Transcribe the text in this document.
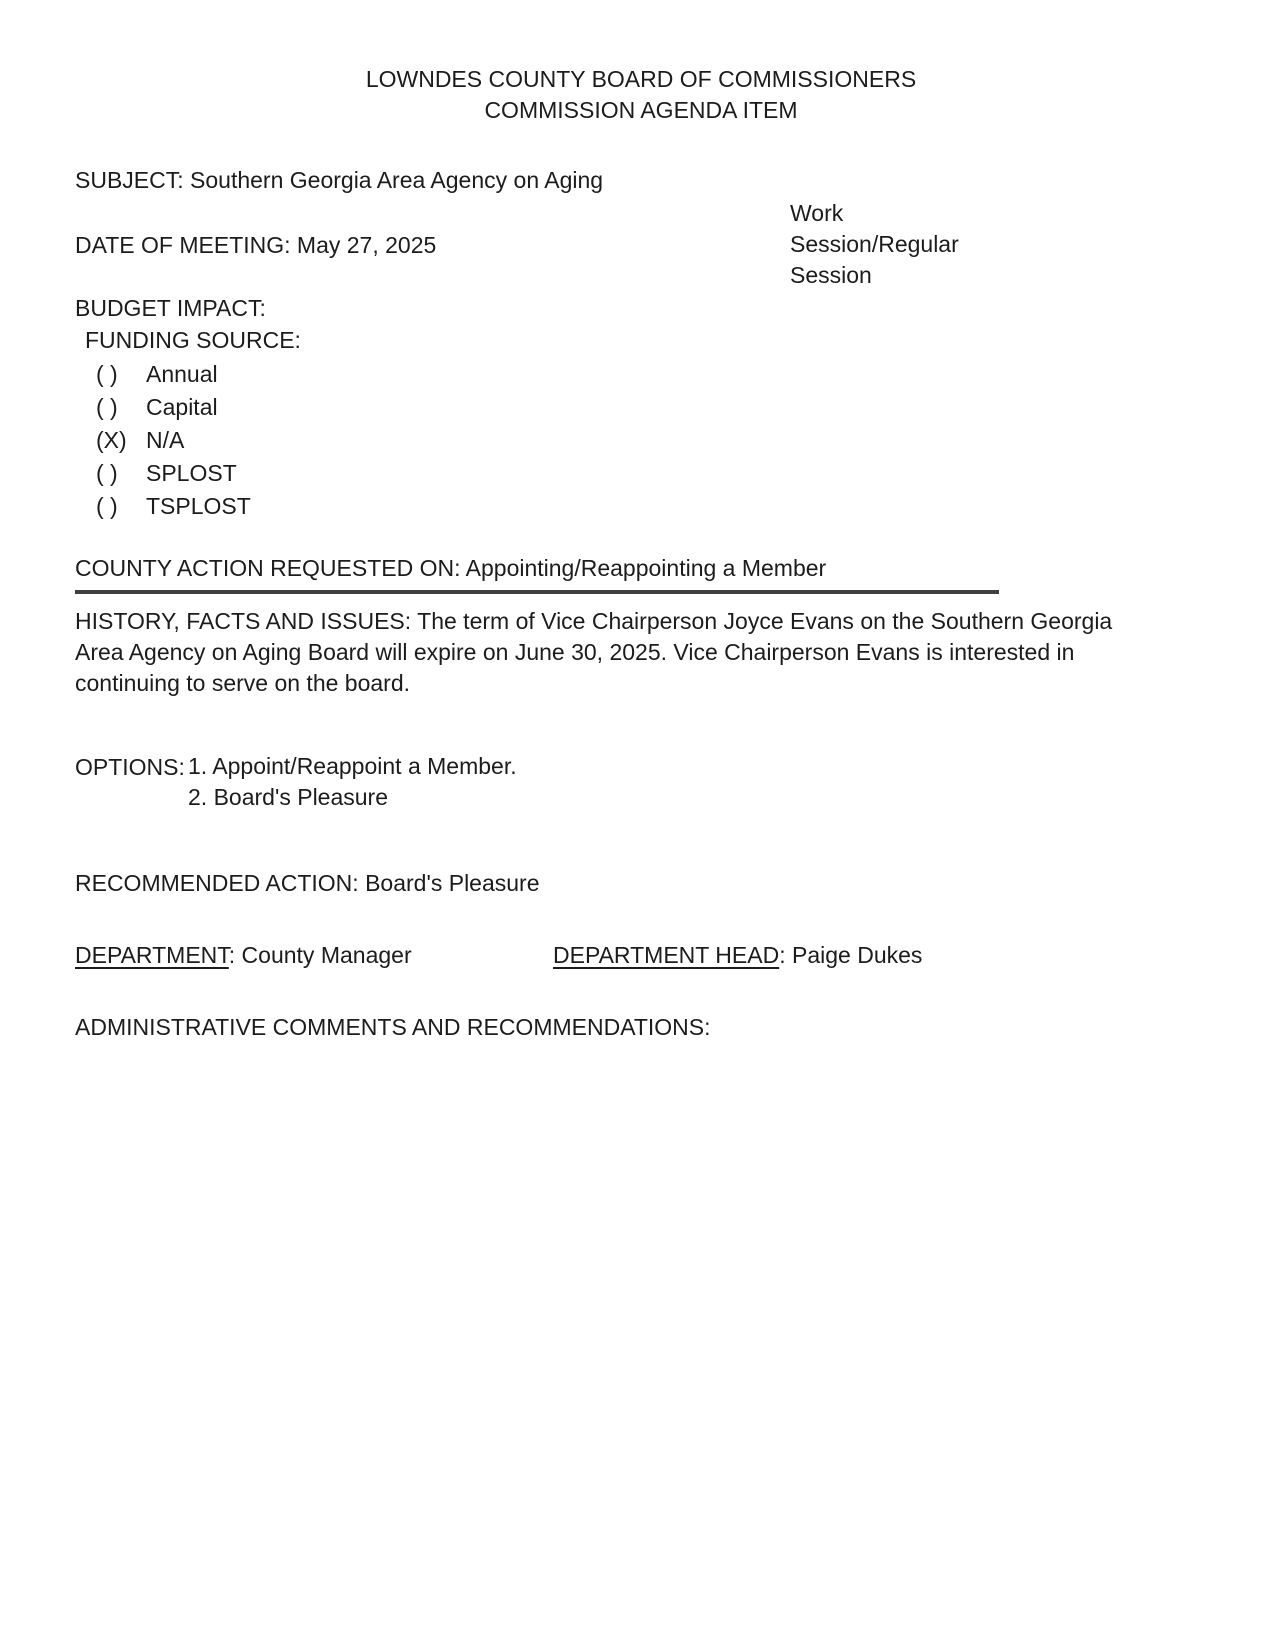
LOWNDES COUNTY BOARD OF COMMISSIONERS
COMMISSION AGENDA ITEM
SUBJECT: Southern Georgia Area Agency on Aging
DATE OF MEETING: May 27, 2025
Work
Session/Regular
Session
BUDGET IMPACT:
FUNDING SOURCE:
( )	Annual
( )	Capital
(X) N/A
( )	SPLOST
( )	TSPLOST
COUNTY ACTION REQUESTED ON: Appointing/Reappointing a Member

HISTORY, FACTS AND ISSUES: The term of Vice Chairperson Joyce Evans on the Southern Georgia Area Agency on Aging Board will expire on June 30, 2025. Vice Chairperson Evans is interested in continuing to serve on the board.

OPTIONS: 1. Appoint/Reappoint a Member.
2. Board's Pleasure
RECOMMENDED ACTION: Board's Pleasure
DEPARTMENT: County Manager	DEPARTMENT HEAD: Paige Dukes
ADMINISTRATIVE COMMENTS AND RECOMMENDATIONS:
